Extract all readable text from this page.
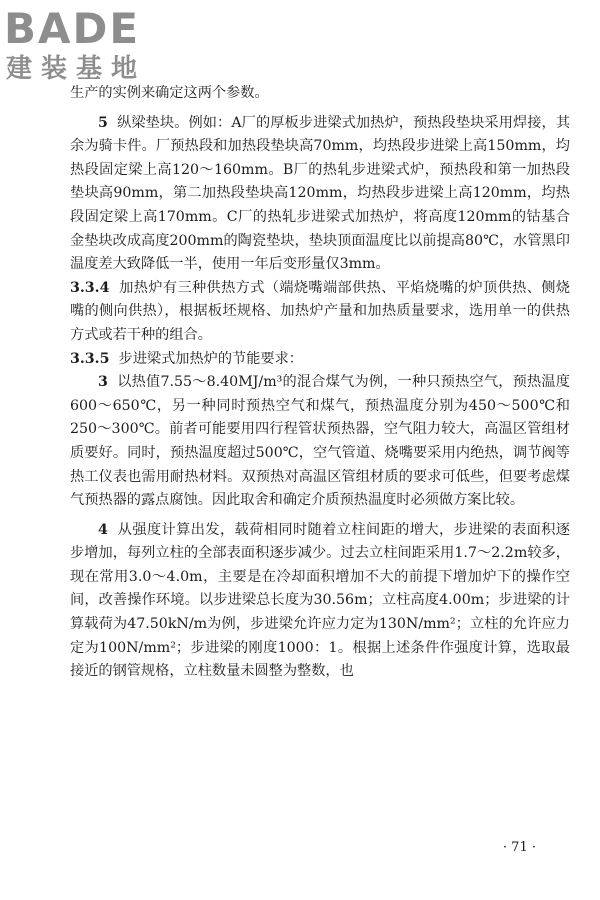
BADE
建装基地

生产的实例来确定这两个参数。

5 纵梁垫块。例如：A厂的厚板步进梁式加热炉，预热段垫块采用焊接，其余为骑卡件。厂预热段和加热段垫块高70mm，均热段步进梁上高150mm，均热段固定梁上高120～160mm。B厂的热轧步进梁式炉，预热段和第一加热段垫块高90mm，第二加热段垫块高120mm，均热段步进梁上高120mm，均热段固定梁上高170mm。C厂的热轧步进梁式加热炉，将高度120mm的钴基合金垫块改成高度200mm的陶瓷垫块，垫块顶面温度比以前提高80℃，水管黑印温度差大致降低一半，使用一年后变形量仅3mm。

3.3.4 加热炉有三种供热方式（端烧嘴端部供热、平焰烧嘴的炉顶供热、侧烧嘴的侧向供热），根据板坯规格、加热炉产量和加热质量要求，选用单一的供热方式或若干种的组合。

3.3.5 步进梁式加热炉的节能要求：

3 以热值7.55～8.40MJ/m³的混合煤气为例，一种只预热空气，预热温度600～650℃，另一种同时预热空气和煤气，预热温度分别为450～500℃和250～300℃。前者可能要用四行程管状预热器，空气阻力较大，高温区管组材质要好。同时，预热温度超过500℃，空气管道、烧嘴要采用内绝热，调节阀等热工仪表也需用耐热材料。双预热对高温区管组材质的要求可低些，但要考虑煤气预热器的露点腐蚀。因此取舍和确定介质预热温度时必须做方案比较。

4 从强度计算出发，载荷相同时随着立柱间距的增大，步进梁的表面积逐步增加，每列立柱的全部表面积逐步减少。过去立柱间距采用1.7～2.2m较多，现在常用3.0～4.0m，主要是在冷却面积增加不大的前提下增加炉下的操作空间，改善操作环境。以步进梁总长度为30.56m；立柱高度4.00m；步进梁的计算载荷为47.50kN/m为例，步进梁允许应力定为130N/mm²；立柱的允许应力定为100N/mm²；步进梁的刚度1000：1。根据上述条件作强度计算，选取最接近的钢管规格，立柱数量未圆整为整数，也

· 71 ·
